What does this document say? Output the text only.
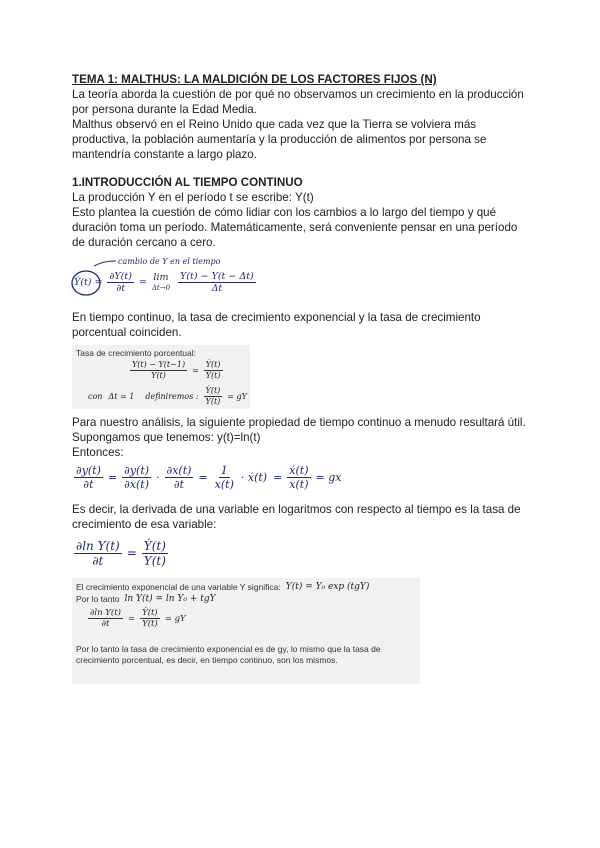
TEMA 1: MALTHUS: LA MALDICIÓN DE LOS FACTORES FIJOS (N)

La teoría aborda la cuestión de por qué no observamos un crecimiento en la producción por persona durante la Edad Media.

Malthus observó en el Reino Unido que cada vez que la Tierra se volviera más productiva, la población aumentaría y la producción de alimentos por persona se mantendría constante a largo plazo.

1.INTRODUCCIÓN AL TIEMPO CONTINUO

La producción Y en el período t se escribe: Y(t)

Esto plantea la cuestión de cómo lidiar con los cambios a lo largo del tiempo y qué duración toma un período. Matemáticamente, será conveniente pensar en una período de duración cercano a cero.

cambio de Y en el tiempo
Ẏ(t) = $\frac{\partial Y(t)}{\partial t} = \lim$
$\Delta t\to 0 \frac{Y(t) - Y(t - \Delta t)}{\Delta t}$

En tiempo continuo, la tasa de crecimiento exponencial y la tasa de crecimiento porcentual coinciden.

Tasa de crecimiento porcentual:
$\frac{Y(t) - Y(t-1)}{Y(t)} = \frac{\text{Ẏ(t)}}{Y(t)}$
con Δt = 1 definiremos : $\frac{\text{Ẏ(t)}}{Y(t)}$ = gY

Para nuestro análisis, la siguiente propiedad de tiempo continuo a menudo resultará útil.

Supongamos que tenemos: y(t)=ln(t)

Entonces:

$\frac{\partial y(t)}{\partial t} = \frac{\partial y(t)}{\partial x(t)} \cdot \frac{\partial x(t)}{\partial t} = \frac{1}{x(t)}$ · ẋ(t) = $\frac{\text{ẋ(t)}}{x(t)}$ = gx

Es decir, la derivada de una variable en logaritmos con respecto al tiempo es la tasa de crecimiento de esa variable:

$\frac{\text{∂ln Y(t)}}{\partial t} = \frac{\text{Ẏ(t)}}{Y(t)}$
El crecimiento exponencial de una variable Y significa: Y(t) = Y₀ exp (tgY)
Por lo tanto ln Y(t) = ln Y₀ + tgY
$\frac{\text{∂ln Y(t)}}{\partial t} = \frac{\text{Ẏ(t)}}{Y(t)}$ = gY
Por lo tanto la tasa de crecimiento exponencial es de gy, lo mismo que la tasa de crecimiento porcentual, es decir, en tiempo continuo, son los mismos.
